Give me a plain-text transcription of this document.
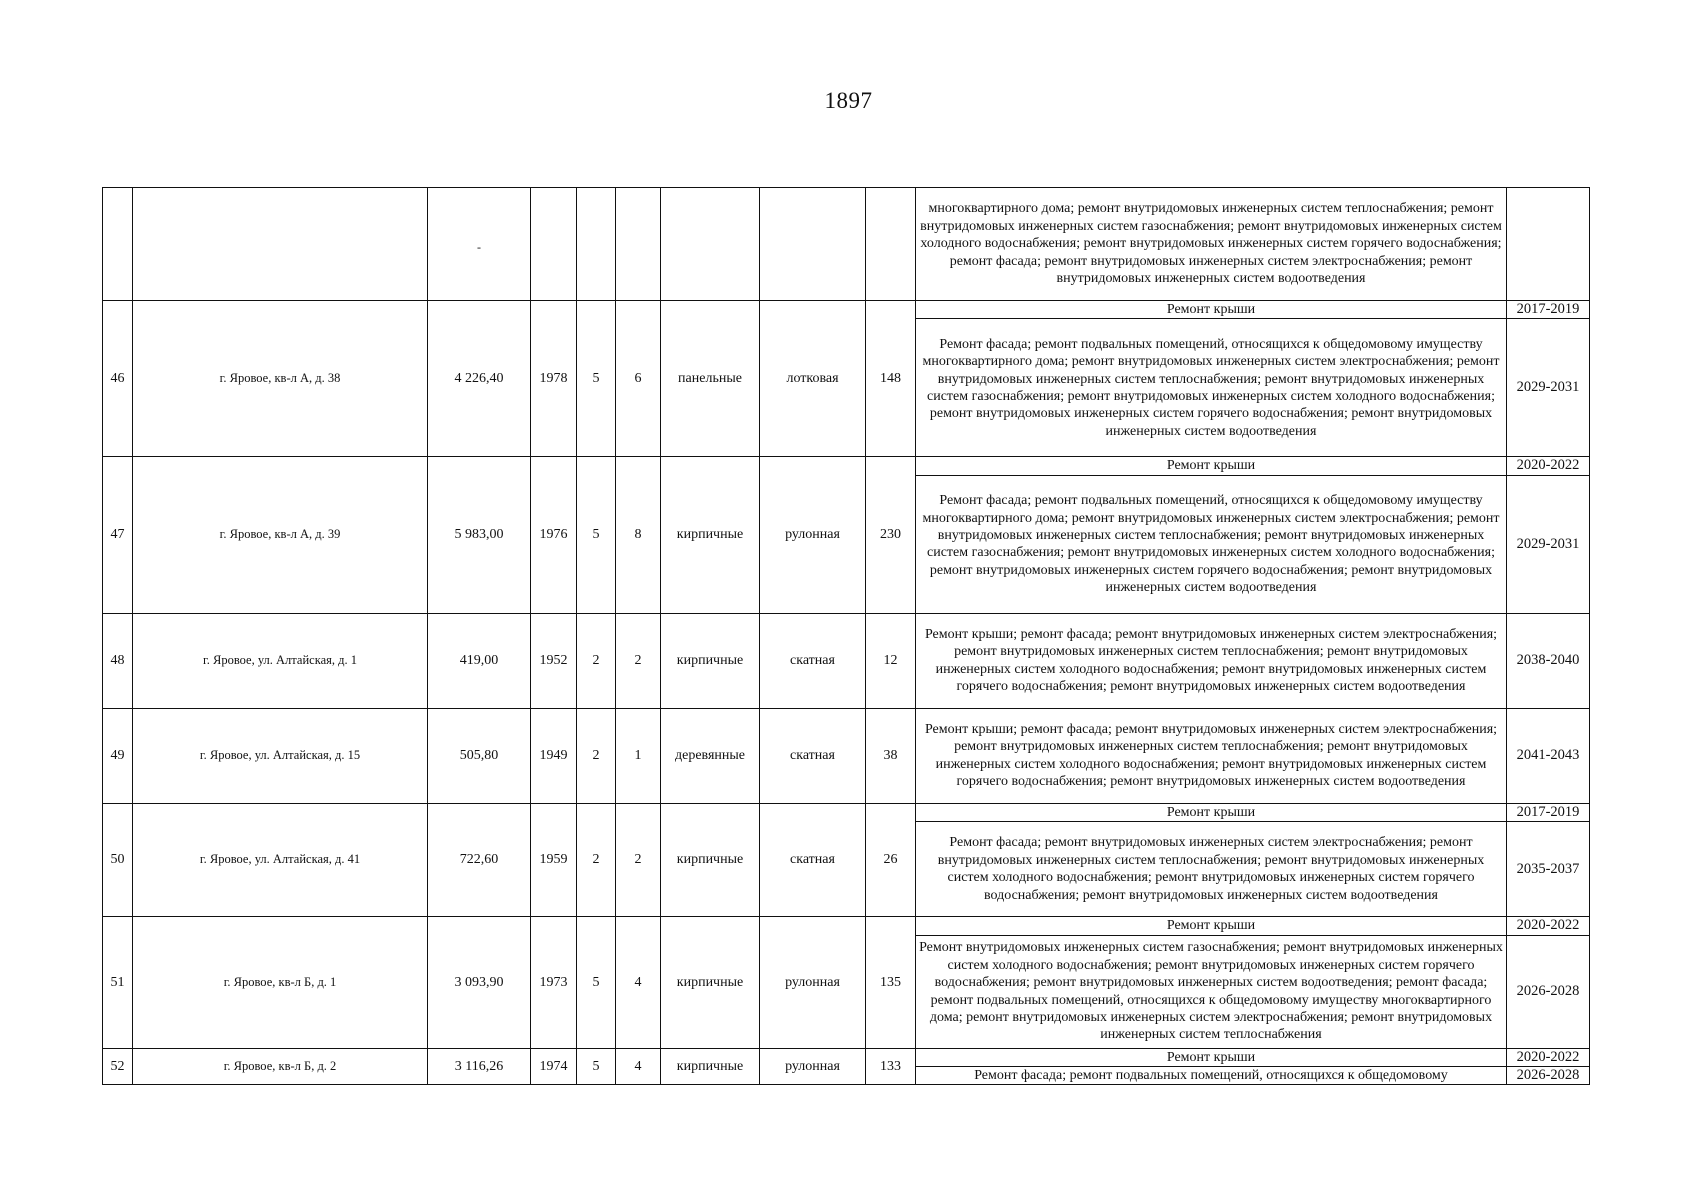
1897
		-							многоквартирного дома; ремонт внутридомовых инженерных систем теплоснабжения; ремонт внутридомовых инженерных систем газоснабжения; ремонт внутридомовых инженерных систем холодного водоснабжения; ремонт внутридомовых инженерных систем горячего водоснабжения; ремонт фасада; ремонт внутридомовых инженерных систем электроснабжения; ремонт внутридомовых инженерных систем водоотведения	
46	г. Яровое, кв-л А, д. 38	4 226,40	1978	5	6	панельные	лотковая	148	Ремонт крыши	2017-2019
									Ремонт фасада; ремонт подвальных помещений, относящихся к общедомовому имуществу многоквартирного дома; ремонт внутридомовых инженерных систем электроснабжения; ремонт внутридомовых инженерных систем теплоснабжения; ремонт внутридомовых инженерных систем газоснабжения; ремонт внутридомовых инженерных систем холодного водоснабжения; ремонт внутридомовых инженерных систем горячего водоснабжения; ремонт внутридомовых инженерных систем водоотведения	2029-2031
47	г. Яровое, кв-л А, д. 39	5 983,00	1976	5	8	кирпичные	рулонная	230	Ремонт крыши	2020-2022
									Ремонт фасада; ремонт подвальных помещений, относящихся к общедомовому имуществу многоквартирного дома; ремонт внутридомовых инженерных систем электроснабжения; ремонт внутридомовых инженерных систем теплоснабжения; ремонт внутридомовых инженерных систем газоснабжения; ремонт внутридомовых инженерных систем холодного водоснабжения; ремонт внутридомовых инженерных систем горячего водоснабжения; ремонт внутридомовых инженерных систем водоотведения	2029-2031
48	г. Яровое, ул. Алтайская, д. 1	419,00	1952	2	2	кирпичные	скатная	12	Ремонт крыши; ремонт фасада; ремонт внутридомовых инженерных систем электроснабжения; ремонт внутридомовых инженерных систем теплоснабжения; ремонт внутридомовых инженерных систем холодного водоснабжения; ремонт внутридомовых инженерных систем горячего водоснабжения; ремонт внутридомовых инженерных систем водоотведения	2038-2040
49	г. Яровое, ул. Алтайская, д. 15	505,80	1949	2	1	деревянные	скатная	38	Ремонт крыши; ремонт фасада; ремонт внутридомовых инженерных систем электроснабжения; ремонт внутридомовых инженерных систем теплоснабжения; ремонт внутридомовых инженерных систем холодного водоснабжения; ремонт внутридомовых инженерных систем горячего водоснабжения; ремонт внутридомовых инженерных систем водоотведения	2041-2043
50	г. Яровое, ул. Алтайская, д. 41	722,60	1959	2	2	кирпичные	скатная	26	Ремонт крыши	2017-2019
									Ремонт фасада; ремонт внутридомовых инженерных систем электроснабжения; ремонт внутридомовых инженерных систем теплоснабжения; ремонт внутридомовых инженерных систем холодного водоснабжения; ремонт внутридомовых инженерных систем горячего водоснабжения; ремонт внутридомовых инженерных систем водоотведения	2035-2037
51	г. Яровое, кв-л Б, д. 1	3 093,90	1973	5	4	кирпичные	рулонная	135	Ремонт крыши	2020-2022
									Ремонт внутридомовых инженерных систем газоснабжения; ремонт внутридомовых инженерных систем холодного водоснабжения; ремонт внутридомовых инженерных систем горячего водоснабжения; ремонт внутридомовых инженерных систем водоотведения; ремонт фасада; ремонт подвальных помещений, относящихся к общедомовому имуществу многоквартирного дома; ремонт внутридомовых инженерных систем электроснабжения; ремонт внутридомовых инженерных систем теплоснабжения	2026-2028
52	г. Яровое, кв-л Б, д. 2	3 116,26	1974	5	4	кирпичные	рулонная	133	Ремонт крыши	2020-2022
									Ремонт фасада; ремонт подвальных помещений, относящихся к общедомовому	2026-2028
